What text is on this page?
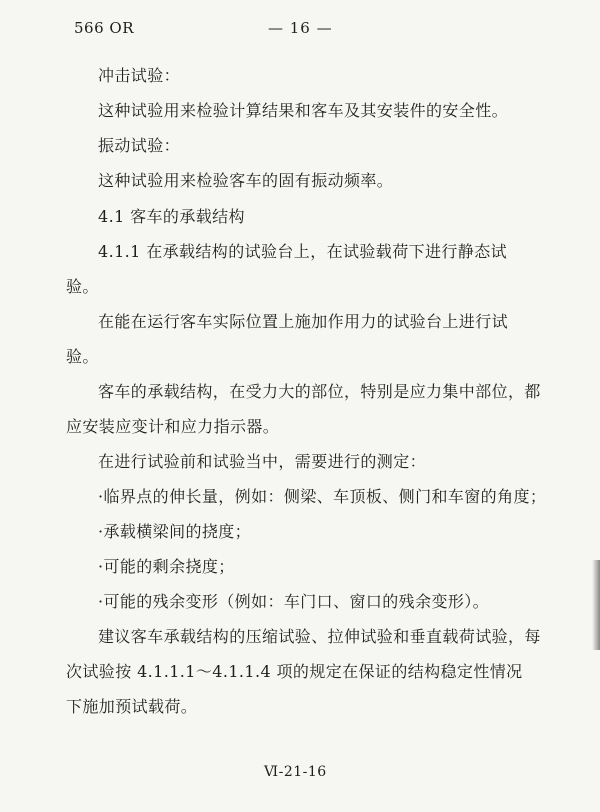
566 OR	— 16 —
冲击试验：
这种试验用来检验计算结果和客车及其安装件的安全性。
振动试验：
这种试验用来检验客车的固有振动频率。
4.1 客车的承载结构
4.1.1 在承载结构的试验台上，在试验载荷下进行静态试
验。
在能在运行客车实际位置上施加作用力的试验台上进行试
验。
客车的承载结构，在受力大的部位，特别是应力集中部位，都
应安装应变计和应力指示器。
在进行试验前和试验当中，需要进行的测定：
·临界点的伸长量，例如：侧梁、车顶板、侧门和车窗的角度；
·承载横梁间的挠度；
·可能的剩余挠度；
·可能的残余变形（例如：车门口、窗口的残余变形）。
建议客车承载结构的压缩试验、拉伸试验和垂直载荷试验，每
次试验按 4.1.1.1～4.1.1.4 项的规定在保证的结构稳定性情况
下施加预试载荷。
Ⅵ-21-16
